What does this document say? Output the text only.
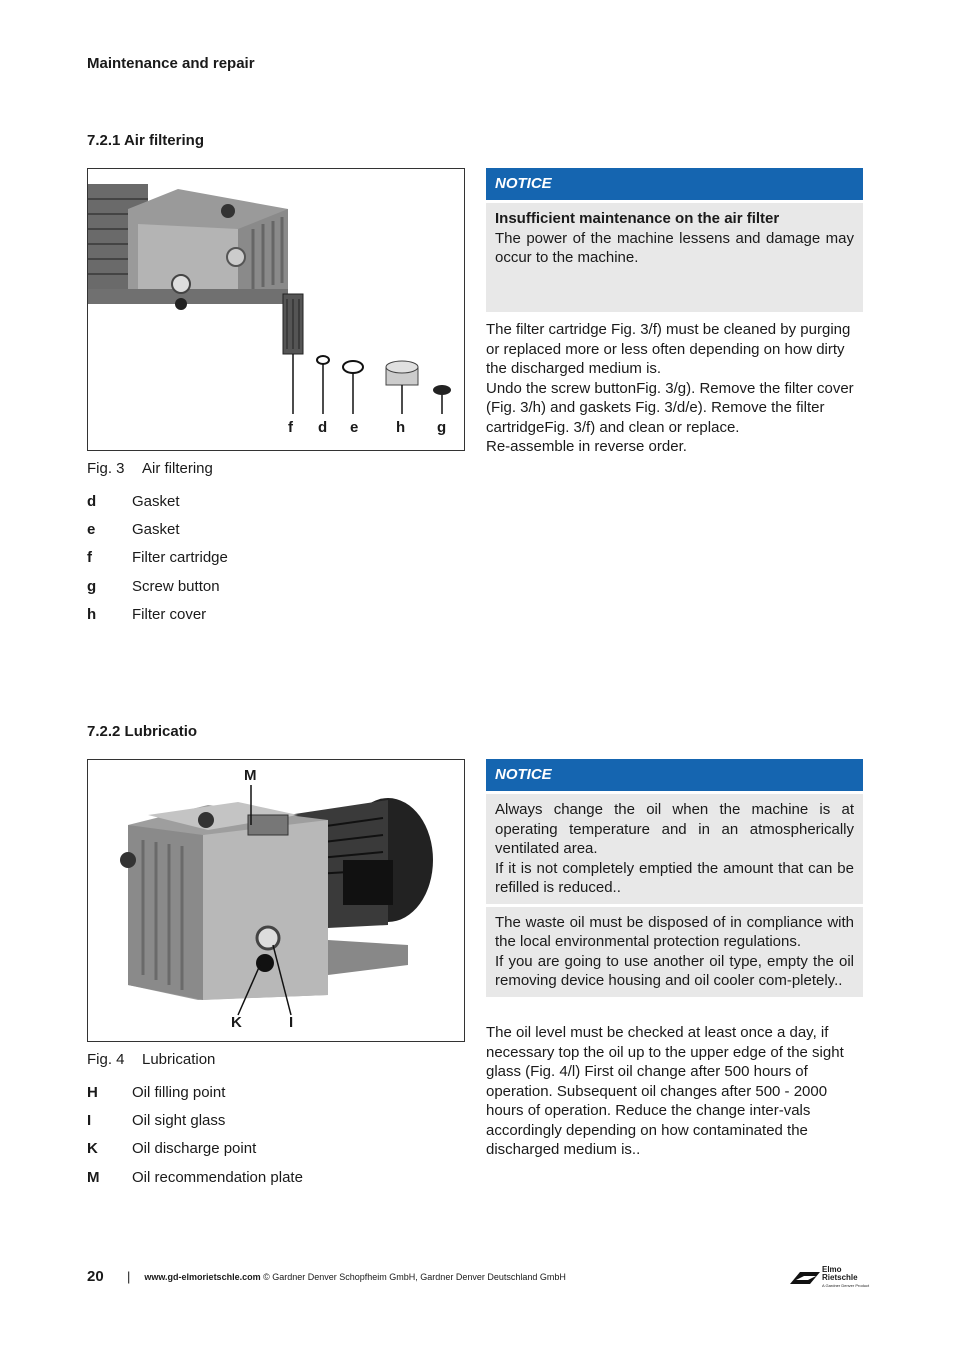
Maintenance and repair
7.2.1 Air filtering
f d e	h g
Fig. 3 Air filtering
d	Gasket
e	Gasket
f	Filter cartridge
g	Screw button
h	Filter cover
NOTICE
Insufficient maintenance on the air filter
The power of the machine lessens and damage may occur to the machine.
The filter cartridge Fig. 3/f) must be cleaned by purging or replaced more or less often depending on how dirty the discharged medium is.
Undo the screw buttonFig. 3/g). Remove the filter cover (Fig. 3/h) and gaskets Fig. 3/d/e). Remove the filter cartridgeFig. 3/f) and clean or replace.
Re-assemble in reverse order.
7.2.2 Lubricatio
M
K	I
Fig. 4 Lubrication
H	Oil filling point
I	Oil sight glass
K	Oil discharge point
M	Oil recommendation plate
NOTICE
Always change the oil when the machine is at operating temperature and in an atmospherically ventilated area.
If it is not completely emptied the amount that can be refilled is reduced..
The waste oil must be disposed of in compliance with the local environmental protection regulations.
If you are going to use another oil type, empty the oil removing device housing and oil cooler com-pletely..
The oil level must be checked at least once a day, if necessary top the oil up to the upper edge of the sight glass (Fig. 4/l) First oil change after 500 hours of operation. Subsequent oil changes after 500 - 2000 hours of operation. Reduce the change inter-vals accordingly depending on how contaminated the discharged medium is..
20	| www.gd-elmorietschle.com
© Gardner Denver Schopfheim GmbH, Gardner Denver Deutschland GmbH
Elmo
Rietschle
A Gardner Denver Product
